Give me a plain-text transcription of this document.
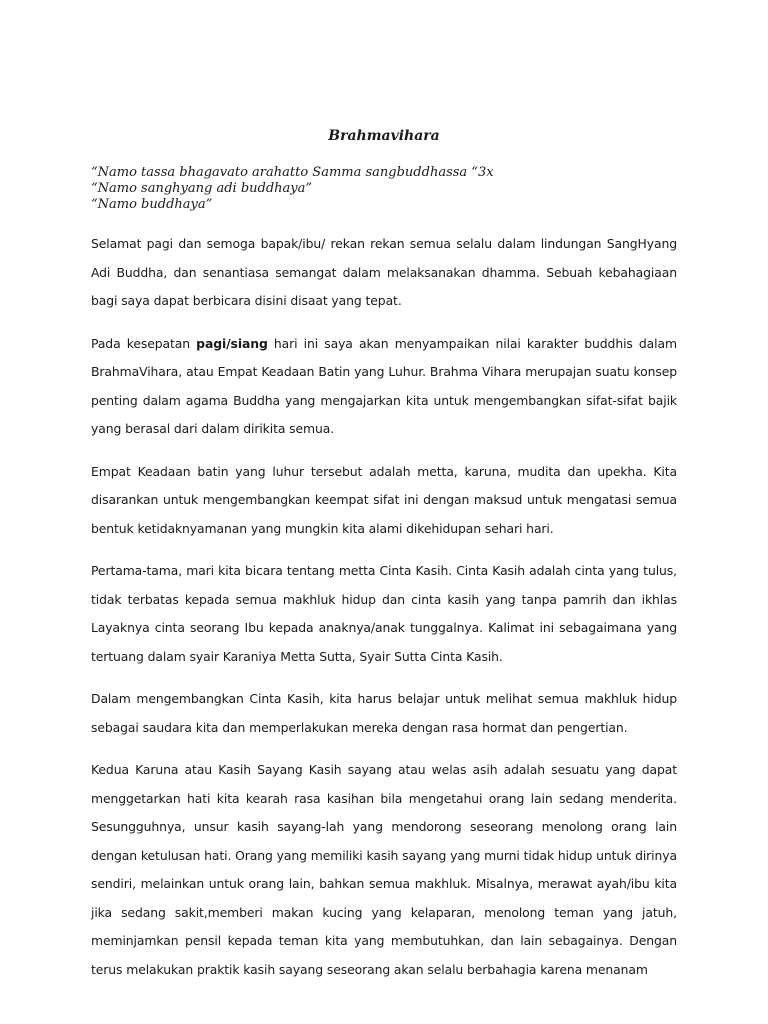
Brahmavihara

“Namo tassa bhagavato arahatto Samma sangbuddhassa “3x

“Namo sanghyang adi buddhaya”

“Namo buddhaya”

Selamat pagi dan semoga bapak/ibu/ rekan rekan semua selalu dalam lindungan SangHyang Adi Buddha, dan senantiasa semangat dalam melaksanakan dhamma. Sebuah kebahagiaan bagi saya dapat berbicara disini disaat yang tepat.

Pada kesepatan pagi/siang hari ini saya akan menyampaikan nilai karakter buddhis dalam BrahmaVihara, atau Empat Keadaan Batin yang Luhur. Brahma Vihara merupajan suatu konsep penting dalam agama Buddha yang mengajarkan kita untuk mengembangkan sifat-sifat bajik yang berasal dari dalam dirikita semua.

Empat Keadaan batin yang luhur tersebut adalah metta, karuna, mudita dan upekha. Kita disarankan untuk mengembangkan keempat sifat ini dengan maksud untuk mengatasi semua bentuk ketidaknyamanan yang mungkin kita alami dikehidupan sehari hari.

Pertama-tama, mari kita bicara tentang metta Cinta Kasih. Cinta Kasih adalah cinta yang tulus, tidak terbatas kepada semua makhluk hidup dan cinta kasih yang tanpa pamrih dan ikhlas Layaknya cinta seorang Ibu kepada anaknya/anak tunggalnya. Kalimat ini sebagaimana yang tertuang dalam syair Karaniya Metta Sutta, Syair Sutta Cinta Kasih.

Dalam mengembangkan Cinta Kasih, kita harus belajar untuk melihat semua makhluk hidup sebagai saudara kita dan memperlakukan mereka dengan rasa hormat dan pengertian.

Kedua Karuna atau Kasih Sayang Kasih sayang atau welas asih adalah sesuatu yang dapat menggetarkan hati kita kearah rasa kasihan bila mengetahui orang lain sedang menderita. Sesungguhnya, unsur kasih sayang-lah yang mendorong seseorang menolong orang lain dengan ketulusan hati. Orang yang memiliki kasih sayang yang murni tidak hidup untuk dirinya sendiri, melainkan untuk orang lain, bahkan semua makhluk. Misalnya, merawat ayah/ibu kita jika sedang sakit,memberi makan kucing yang kelaparan, menolong teman yang jatuh, meminjamkan pensil kepada teman kita yang membutuhkan, dan lain sebagainya. Dengan terus melakukan praktik kasih sayang seseorang akan selalu berbahagia karena menanam
